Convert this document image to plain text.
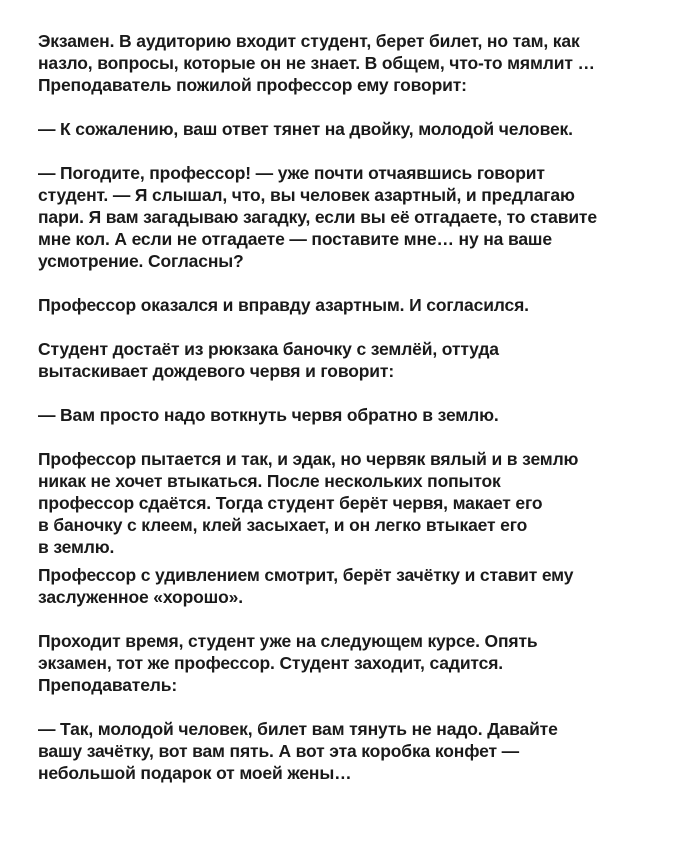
Экзамен. В аудиторию входит студент, берет билет, но там, как
назло, вопросы, которые он не знает. В общем, что-то мямлит …
Преподаватель пожилой профессор ему говорит:
— К сожалению, ваш ответ тянет на двойку, молодой человек.
— Погодите, профессор! — уже почти отчаявшись говорит
студент. — Я слышал, что, вы человек азартный, и предлагаю
пари. Я вам загадываю загадку, если вы её отгадаете, то ставите
мне кол. А если не отгадаете — поставите мне… ну на ваше
усмотрение. Согласны?
Профессор оказался и вправду азартным. И согласился.
Студент достаёт из рюкзака баночку с землёй, оттуда
вытаскивает дождевого червя и говорит:
— Вам просто надо воткнуть червя обратно в землю.
Профессор пытается и так, и эдак, но червяк вялый и в землю
никак не хочет втыкаться. После нескольких попыток
профессор сдаётся. Тогда студент берёт червя, макает его
в баночку с клеем, клей засыхает, и он легко втыкает его
в землю.
Профессор с удивлением смотрит, берёт зачётку и ставит ему
заслуженное «хорошо».
Проходит время, студент уже на следующем курсе. Опять
экзамен, тот же профессор. Студент заходит, садится.
Преподаватель:
— Так, молодой человек, билет вам тянуть не надо. Давайте
вашу зачётку, вот вам пять. А вот эта коробка конфет —
небольшой подарок от моей жены…
